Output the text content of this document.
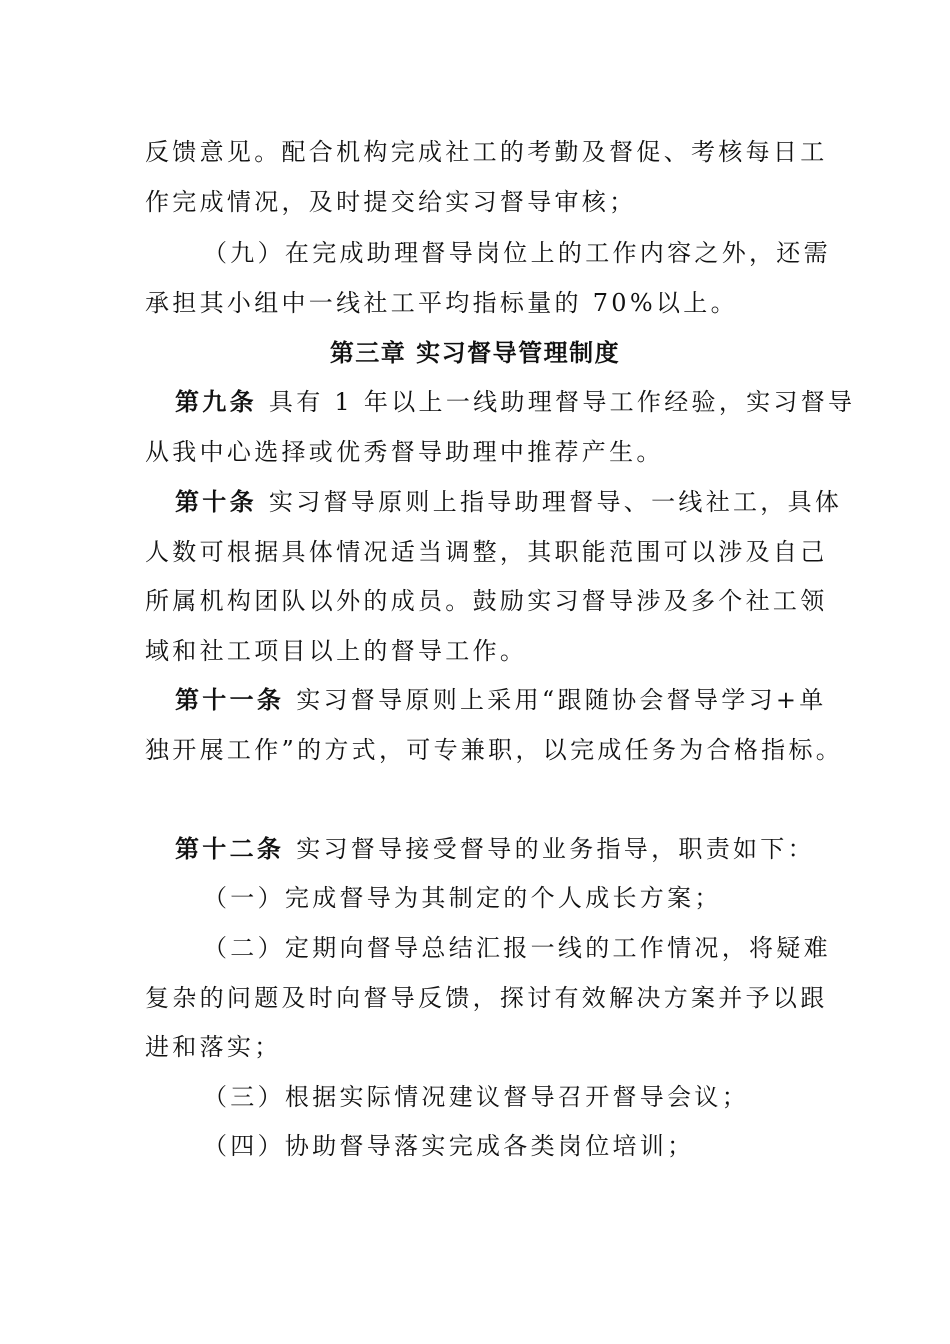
反馈意见。配合机构完成社工的考勤及督促、考核每日工
作完成情况，及时提交给实习督导审核；
（九）在完成助理督导岗位上的工作内容之外，还需
承担其小组中一线社工平均指标量的 70%以上。
第三章 实习督导管理制度
第九条 具有 1 年以上一线助理督导工作经验，实习督导
从我中心选择或优秀督导助理中推荐产生。
第十条 实习督导原则上指导助理督导、一线社工，具体
人数可根据具体情况适当调整，其职能范围可以涉及自己
所属机构团队以外的成员。鼓励实习督导涉及多个社工领
域和社工项目以上的督导工作。
第十一条 实习督导原则上采用“跟随协会督导学习+单
独开展工作”的方式，可专兼职，以完成任务为合格指标。
第十二条 实习督导接受督导的业务指导，职责如下：
（一）完成督导为其制定的个人成长方案；
（二）定期向督导总结汇报一线的工作情况，将疑难
复杂的问题及时向督导反馈，探讨有效解决方案并予以跟
进和落实；
（三）根据实际情况建议督导召开督导会议；
（四）协助督导落实完成各类岗位培训；
